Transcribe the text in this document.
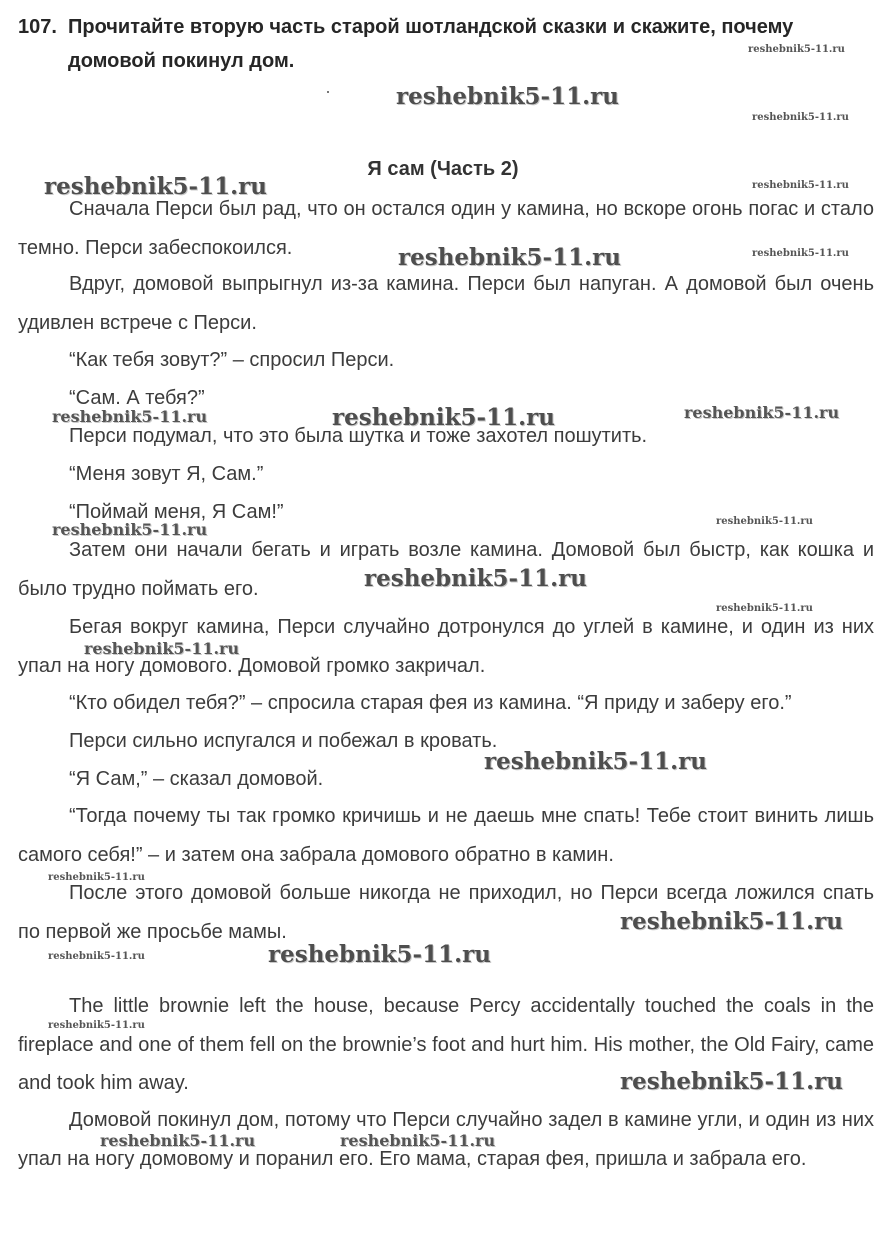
107. Прочитайте вторую часть старой шотландской сказки и скажите, почему
домовой покинул дом.
Я сам (Часть 2)

Сначала Перси был рад, что он остался один у камина, но вскоре огонь погас и стало темно. Перси забеспокоился.

Вдруг, домовой выпрыгнул из-за камина. Перси был напуган. А домовой был очень удивлен встрече с Перси.

“Как тебя зовут?” – спросил Перси.

“Сам. А тебя?”

Перси подумал, что это была шутка и тоже захотел пошутить.

“Меня зовут Я, Сам.”

“Поймай меня, Я Сам!”

Затем они начали бегать и играть возле камина. Домовой был быстр, как кошка и было трудно поймать его.

Бегая вокруг камина, Перси случайно дотронулся до углей в камине, и один из них упал на ногу домового. Домовой громко закричал.

“Кто обидел тебя?” – спросила старая фея из камина. “Я приду и заберу его.”

Перси сильно испугался и побежал в кровать.

“Я Сам,” – сказал домовой.

“Тогда почему ты так громко кричишь и не даешь мне спать! Тебе стоит винить лишь самого себя!” – и затем она забрала домового обратно в камин.

После этого домовой больше никогда не приходил, но Перси всегда ложился спать по первой же просьбе мамы.

The little brownie left the house, because Percy accidentally touched the coals in the fireplace and one of them fell on the brownie’s foot and hurt him. His mother, the Old Fairy, came and took him away.

Домовой покинул дом, потому что Перси случайно задел в камине угли, и один из них упал на ногу домовому и поранил его. Его мама, старая фея, пришла и забрала его.

reshebnik5-11.ru
reshebnik5-11.ru
reshebnik5-11.ru
reshebnik5-11.ru	reshebnik5-11.ru
reshebnik5-11.ru	reshebnik5-11.ru
reshebnik5-11.ru	reshebnik5-11.ru	reshebnik5-11.ru
reshebnik5-11.ru
reshebnik5-11.ru
reshebnik5-11.ru
reshebnik5-11.ru
reshebnik5-11.ru
reshebnik5-11.ru
reshebnik5-11.ru
reshebnik5-11.ru
reshebnik5-11.ru
reshebnik5-11.ru
reshebnik5-11.ru
reshebnik5-11.ru
reshebnik5-11.ru	reshebnik5-11.ru
